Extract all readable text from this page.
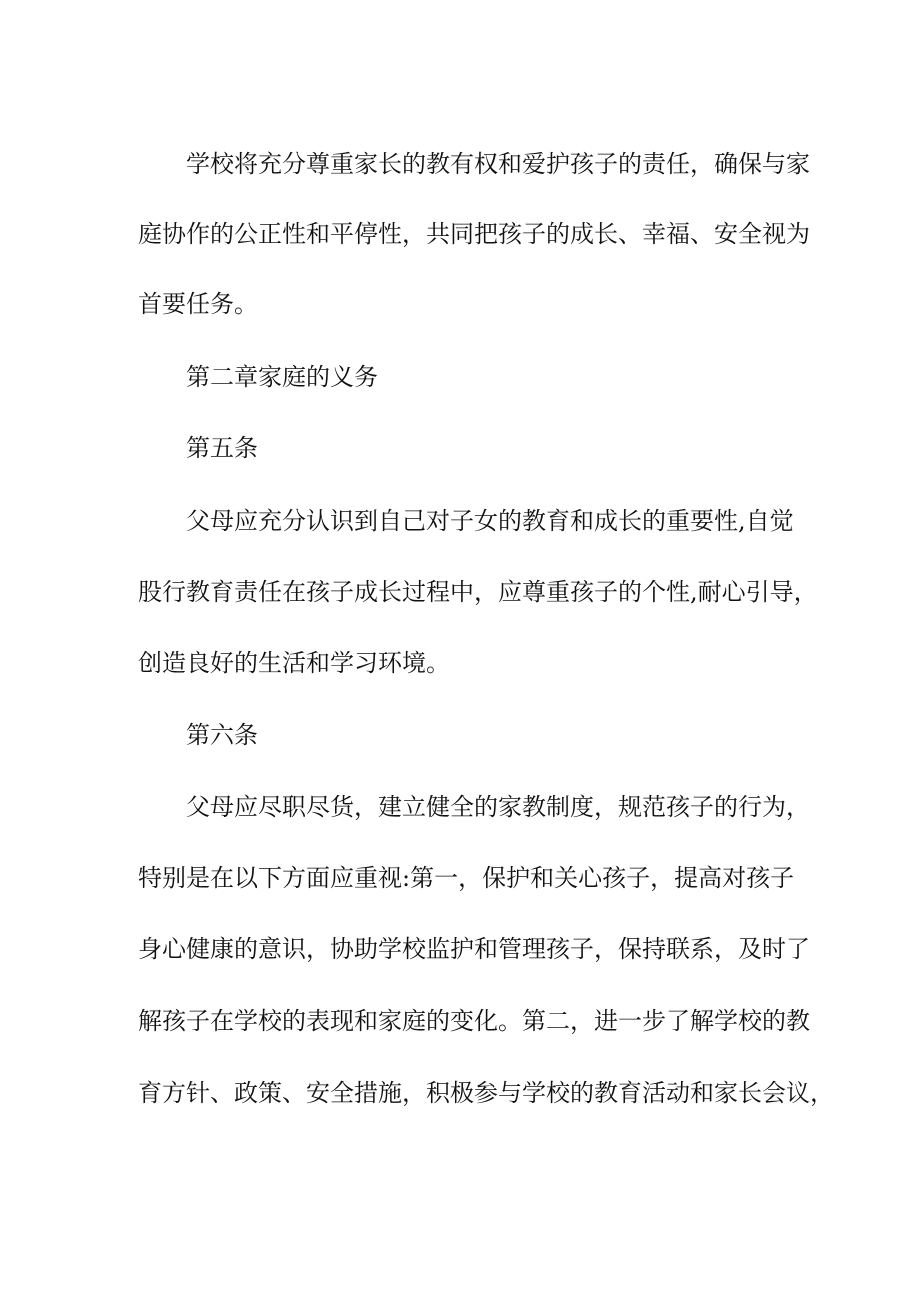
学校将充分尊重家长的教有权和爱护孩子的责任，确保与家
庭协作的公正性和平停性，共同把孩子的成长、幸福、安全视为
首要任务。
第二章家庭的义务
第五条
父母应充分认识到自己对子女的教育和成长的重要性,自觉
股行教育责任在孩子成长过程中，应尊重孩子的个性,耐心引导，
创造良好的生活和学习环境。
第六条
父母应尽职尽货，建立健全的家教制度，规范孩子的行为，
特别是在以下方面应重视:第一，保护和关心孩子，提高对孩子
身心健康的意识，协助学校监护和管理孩子，保持联系，及时了
解孩子在学校的表现和家庭的变化。第二，进一步了解学校的教
育方针、政策、安全措施，积极参与学校的教育活动和家长会议，
